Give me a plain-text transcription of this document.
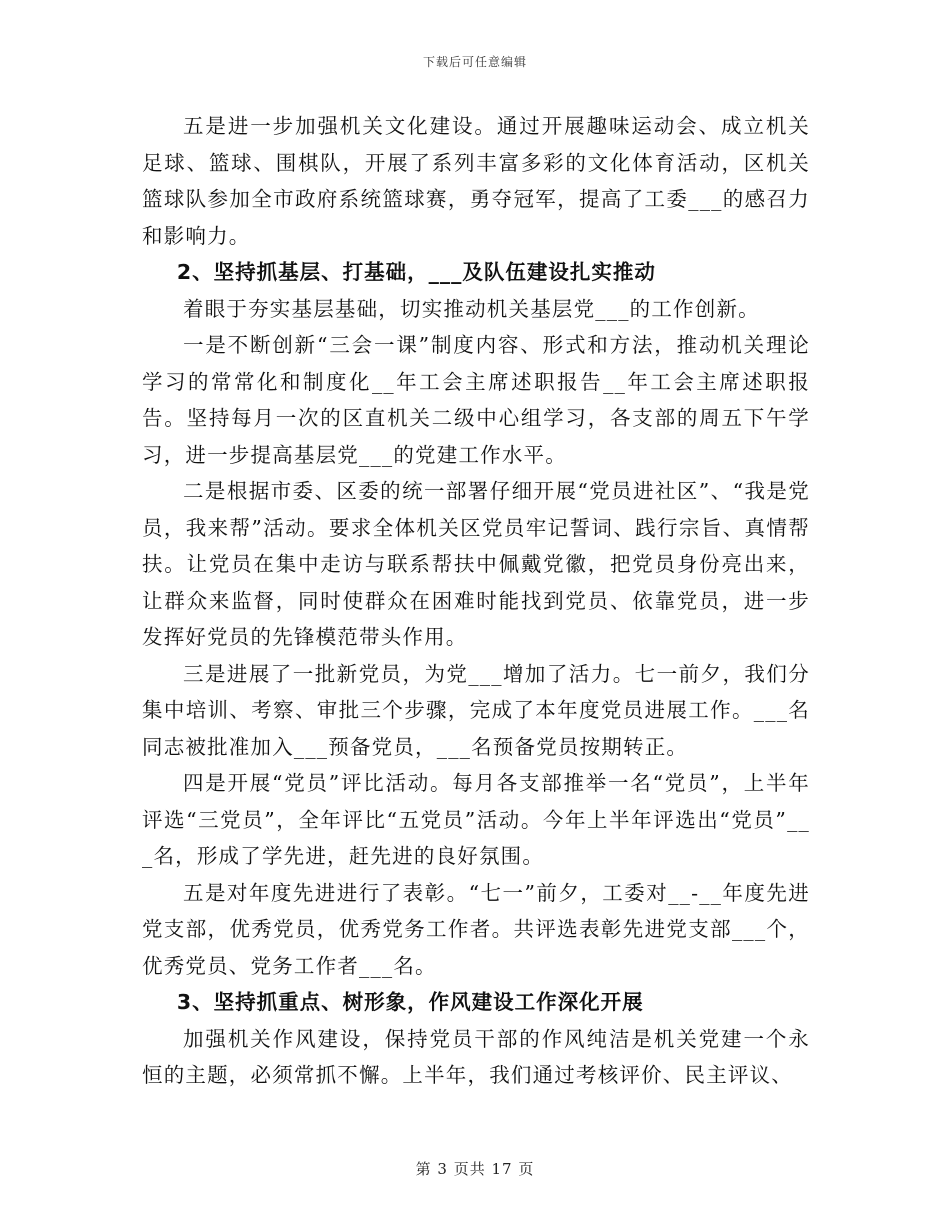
下载后可任意编辑

五是进一步加强机关文化建设。通过开展趣味运动会、成立机关足球、篮球、围棋队，开展了系列丰富多彩的文化体育活动，区机关篮球队参加全市政府系统篮球赛，勇夺冠军，提高了工委___的感召力和影响力。

2、坚持抓基层、打基础，___及队伍建设扎实推动

着眼于夯实基层基础，切实推动机关基层党___的工作创新。

一是不断创新“三会一课”制度内容、形式和方法，推动机关理论学习的常常化和制度化__年工会主席述职报告__年工会主席述职报告。坚持每月一次的区直机关二级中心组学习，各支部的周五下午学习，进一步提高基层党___的党建工作水平。

二是根据市委、区委的统一部署仔细开展“党员进社区”、“我是党员，我来帮”活动。要求全体机关区党员牢记誓词、践行宗旨、真情帮扶。让党员在集中走访与联系帮扶中佩戴党徽，把党员身份亮出来，让群众来监督，同时使群众在困难时能找到党员、依靠党员，进一步发挥好党员的先锋模范带头作用。

三是进展了一批新党员，为党___增加了活力。七一前夕，我们分集中培训、考察、审批三个步骤，完成了本年度党员进展工作。___名同志被批准加入___预备党员，___名预备党员按期转正。

四是开展“党员”评比活动。每月各支部推举一名“党员”，上半年评选“三党员”，全年评比“五党员”活动。今年上半年评选出“党员”___名，形成了学先进，赶先进的良好氛围。

五是对年度先进进行了表彰。“七一”前夕，工委对__-__年度先进党支部，优秀党员，优秀党务工作者。共评选表彰先进党支部___个，优秀党员、党务工作者___名。

3、坚持抓重点、树形象，作风建设工作深化开展

加强机关作风建设，保持党员干部的作风纯洁是机关党建一个永恒的主题，必须常抓不懈。上半年，我们通过考核评价、民主评议、

第 3 页共 17 页
